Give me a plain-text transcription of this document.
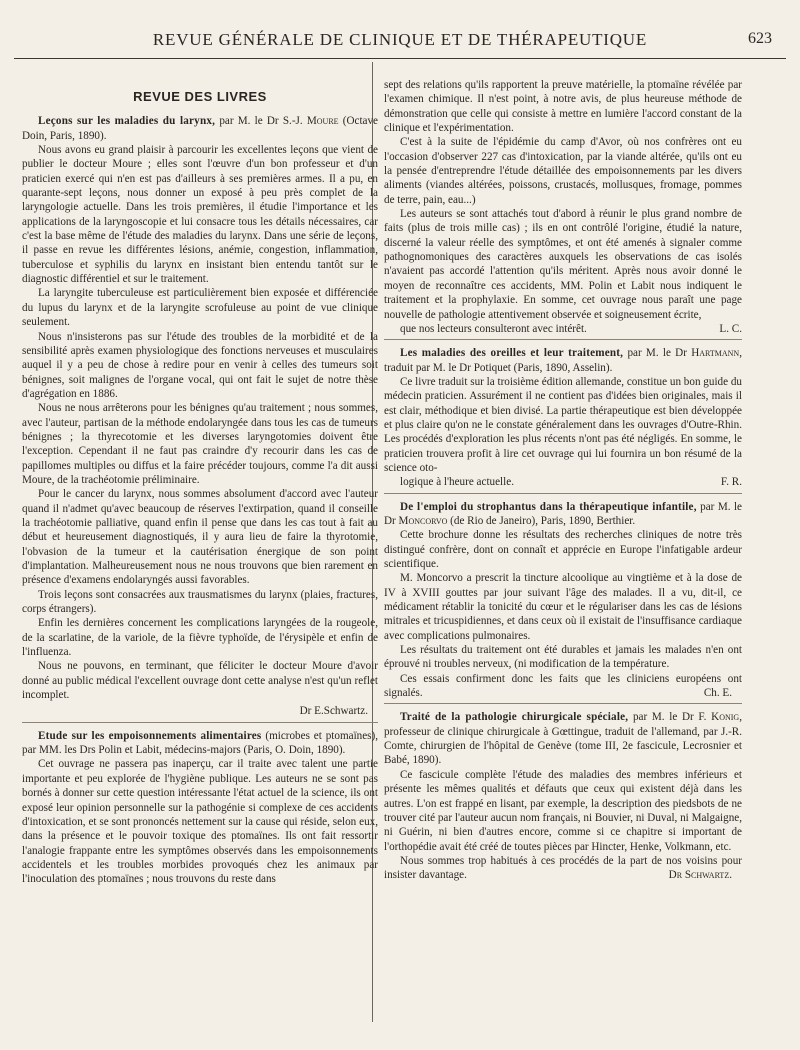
REVUE GÉNÉRALE DE CLINIQUE ET DE THÉRAPEUTIQUE	623
REVUE DES LIVRES

Leçons sur les maladies du larynx, par M. le Dr S.-J. Moure (Octave Doin, Paris, 1890).

Nous avons eu grand plaisir à parcourir les excellentes leçons que vient de publier le docteur Moure ; elles sont l'œuvre d'un bon professeur et d'un praticien exercé qui n'en est pas d'ailleurs à ses premières armes. Il a pu, en quarante-sept leçons, nous donner un exposé à peu près complet de la laryngologie actuelle. Dans les trois premières, il étudie l'importance et les applications de la laryngoscopie et lui consacre tous les détails nécessaires, car c'est la base même de l'étude des maladies du larynx. Dans une série de leçons, il passe en revue les différentes lésions, anémie, congestion, inflammation, tuberculose et syphilis du larynx en insistant bien entendu tantôt sur le diagnostic différentiel et sur le traitement.

La laryngite tuberculeuse est particulièrement bien exposée et différenciée du lupus du larynx et de la laryngite scrofuleuse au point de vue clinique seulement.

Nous n'insisterons pas sur l'étude des troubles de la morbidité et de la sensibilité après examen physiologique des fonctions nerveuses et musculaires auquel il y a peu de chose à redire pour en venir à celles des tumeurs soit bénignes, soit malignes de l'organe vocal, qui ont fait le sujet de notre thèse d'agrégation en 1886.

Nous ne nous arrêterons pour les bénignes qu'au traitement ; nous sommes, avec l'auteur, partisan de la méthode endolaryngée dans tous les cas de tumeurs bénignes ; la thyrecotomie et les diverses laryngotomies doivent être l'exception. Cependant il ne faut pas craindre d'y recourir dans les cas de papillomes multiples ou diffus et la faire précéder toujours, comme l'a dit aussi Moure, de la trachéotomie préliminaire.

Pour le cancer du larynx, nous sommes absolument d'accord avec l'auteur quand il n'admet qu'avec beaucoup de réserves l'extirpation, quand il conseille la trachéotomie palliative, quand enfin il pense que dans les cas tout à fait au début et heureusement diagnostiqués, il y aura lieu de faire la thyrotomie, l'obvasion de la tumeur et la cautérisation énergique de son point d'implantation. Malheureusement nous ne nous trouvons que bien rarement en présence d'examens endolaryngés aussi favorables.

Trois leçons sont consacrées aux trausmatismes du larynx (plaies, fractures, corps étrangers).

Enfin les dernières concernent les complications laryngées de la rougeole, de la scarlatine, de la variole, de la fièvre typhoïde, de l'érysipèle et enfin de l'influenza.

Nous ne pouvons, en terminant, que féliciter le docteur Moure d'avoir donné au public médical l'excellent ouvrage dont cette analyse n'est qu'un reflet incomplet.

Dr E.Schwartz.

Etude sur les empoisonnements alimentaires (microbes et ptomaïnes), par MM. les Drs Polin et Labit, médecins-majors (Paris, O. Doin, 1890).

Cet ouvrage ne passera pas inaperçu, car il traite avec talent une partie importante et peu explorée de l'hygiène publique. Les auteurs ne se sont pas bornés à donner sur cette question intéressante l'état actuel de la science, ils ont exposé leur opinion personnelle sur la pathogénie si complexe de ces accidents d'intoxication, et se sont prononcés nettement sur la cause qui réside, selon eux, dans la présence et le pouvoir toxique des ptomaïnes. Ils ont fait ressortir l'analogie frappante entre les symptômes observés dans les empoisonnements accidentels et les troubles morbides provoqués chez les animaux par l'inoculation des ptomaïnes ; nous trouvons du reste dans

sept des relations qu'ils rapportent la preuve matérielle, la ptomaïne révélée par l'examen chimique. Il n'est point, à notre avis, de plus heureuse méthode de démonstration que celle qui consiste à mettre en lumière l'accord constant de la clinique et l'expérimentation.

C'est à la suite de l'épidémie du camp d'Avor, où nos confrères ont eu l'occasion d'observer 227 cas d'intoxication, par la viande altérée, qu'ils ont eu la pensée d'entreprendre l'étude détaillée des empoisonnements par les divers aliments (viandes altérées, poissons, crustacés, mollusques, fromage, pommes de terre, pain, eau...)

Les auteurs se sont attachés tout d'abord à réunir le plus grand nombre de faits (plus de trois mille cas) ; ils en ont contrôlé l'origine, étudié la nature, discerné la valeur réelle des symptômes, et ont été amenés à signaler comme pathognomoniques des caractères auxquels les observations de cas isolés n'avaient pas accordé l'attention qu'ils méritent. Après nous avoir donné le moyen de reconnaître ces accidents, MM. Polin et Labit nous indiquent le traitement et la prophylaxie. En somme, cet ouvrage nous paraît une page nouvelle de pathologie attentivement observée et soigneusement écrite,

que nos lecteurs consulteront avec intérêt.	L. C.

Les maladies des oreilles et leur traitement, par M. le Dr Hartmann, traduit par M. le Dr Potiquet (Paris, 1890, Asselin).

Ce livre traduit sur la troisième édition allemande, constitue un bon guide du médecin praticien. Assurément il ne contient pas d'idées bien originales, mais il est clair, méthodique et bien divisé. La partie thérapeutique est bien développée et plus claire qu'on ne le constate généralement dans les ouvrages d'Outre-Rhin. Les procédés d'exploration les plus récents n'ont pas été négligés. En somme, le praticien trouvera profit à lire cet ouvrage qui lui fournira un bon résumé de la science oto-

logique à l'heure actuelle.	F. R.

De l'emploi du strophantus dans la thérapeutique infantile, par M. le Dr Moncorvo (de Rio de Janeiro), Paris, 1890, Berthier.

Cette brochure donne les résultats des recherches cliniques de notre très distingué confrère, dont on connaît et apprécie en Europe l'infatigable ardeur scientifique.

M. Moncorvo a prescrit la tincture alcoolique au vingtième et à la dose de IV à XVIII gouttes par jour suivant l'âge des malades. Il a vu, dit-il, ce médicament rétablir la tonicité du cœur et le régulariser dans les cas de lésions mitrales et tricuspidiennes, et dans ceux où il existait de l'insuffisance cardiaque avec complications pulmonaires.

Les résultats du traitement ont été durables et jamais les malades n'en ont éprouvé ni troubles nerveux, (ni modification de la température.

Ces essais confirment donc les faits que les cliniciens européens ont signalés.	Ch. E.

Traité de la pathologie chirurgicale spéciale, par M. le Dr F. Konig, professeur de clinique chirurgicale à Gœttingue, traduit de l'allemand, par J.-R. Comte, chirurgien de l'hôpital de Genève (tome III, 2e fascicule, Lecrosnier et Babé, 1890).

Ce fascicule complète l'étude des maladies des membres inférieurs et présente les mêmes qualités et défauts que ceux qui existent déjà dans les autres. L'on est frappé en lisant, par exemple, la description des piedsbots de ne trouver cité par l'auteur aucun nom français, ni Bouvier, ni Duval, ni Malgaigne, ni Guérin, ni bien d'autres encore, comme si ce chapitre si important de l'orthopédie avait été créé de toutes pièces par Hincter, Henke, Volkmann, etc.

Nous sommes trop habitués à ces procédés de la part de nos voisins pour insister davantage.	Dr Schwartz.
